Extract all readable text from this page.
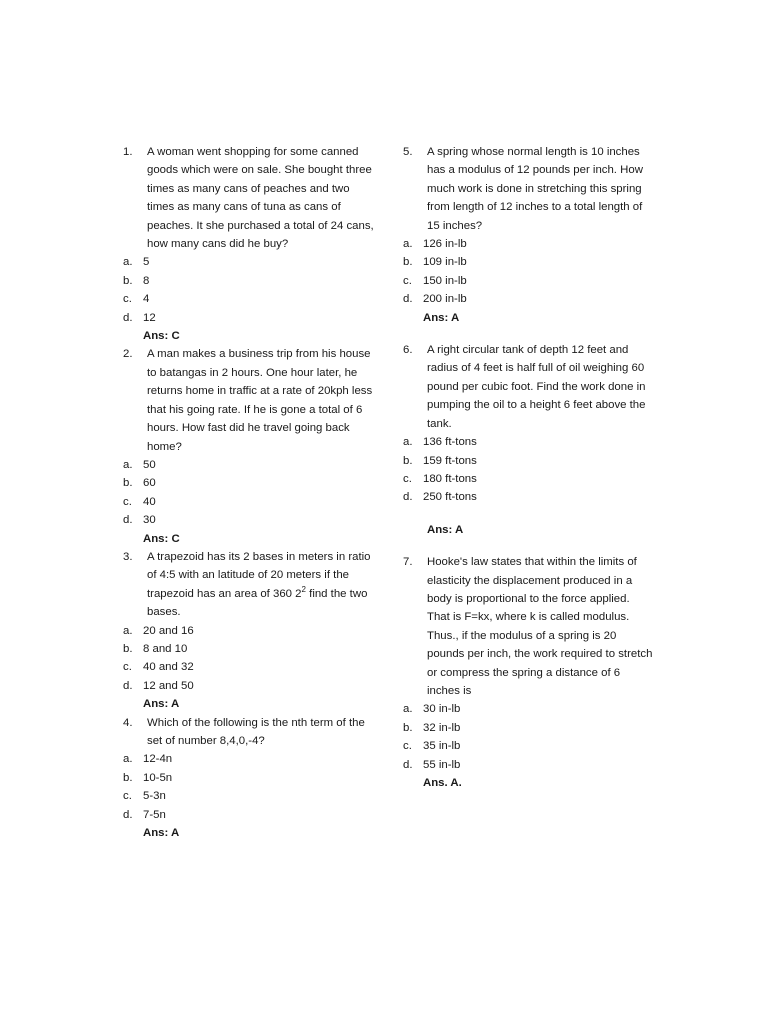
1.	A woman went shopping for some canned goods which were on sale. She bought three times as many cans of peaches and two times as many cans of tuna as cans of peaches. It she purchased a total of 24 cans, how many cans did he buy?
a. 5
b. 8
c. 4
d. 12
Ans: C
2.	A man makes a business trip from his house to batangas in 2 hours. One hour later, he returns home in traffic at a rate of 20kph less that his going rate. If he is gone a total of 6 hours. How fast did he travel going back home?
a. 50
b. 60
c. 40
d. 30
Ans: C
3.	A trapezoid has its 2 bases in meters in ratio of 4:5 with an latitude of 20 meters if the trapezoid has an area of 360 $2^2$ find the two bases.
a. 20 and 16
b. 8 and 10
c. 40 and 32
d. 12 and 50
Ans: A
4.	Which of the following is the nth term of the set of number 8,4,0,-4?
a. 12-4n
b. 10-5n
c. 5-3n
d. 7-5n
Ans: A
5.	A spring whose normal length is 10 inches has a modulus of 12 pounds per inch. How much work is done in stretching this spring from length of 12 inches to a total length of 15 inches?
a. 126 in-lb
b. 109 in-lb
c. 150 in-lb
d. 200 in-lb
Ans: A
6.	A right circular tank of depth 12 feet and radius of 4 feet is half full of oil weighing 60 pound per cubic foot. Find the work done in pumping the oil to a height 6 feet above the tank.
a. 136 ft-tons
b. 159 ft-tons
c. 180 ft-tons
d. 250 ft-tons
Ans: A
7.	Hooke's law states that within the limits of elasticity the displacement produced in a body is proportional to the force applied. That is F=kx, where k is called modulus. Thus., if the modulus of a spring is 20 pounds per inch, the work required to stretch or compress the spring a distance of 6 inches is
a. 30 in-lb
b. 32 in-lb
c. 35 in-lb
d. 55 in-lb
Ans. A.
